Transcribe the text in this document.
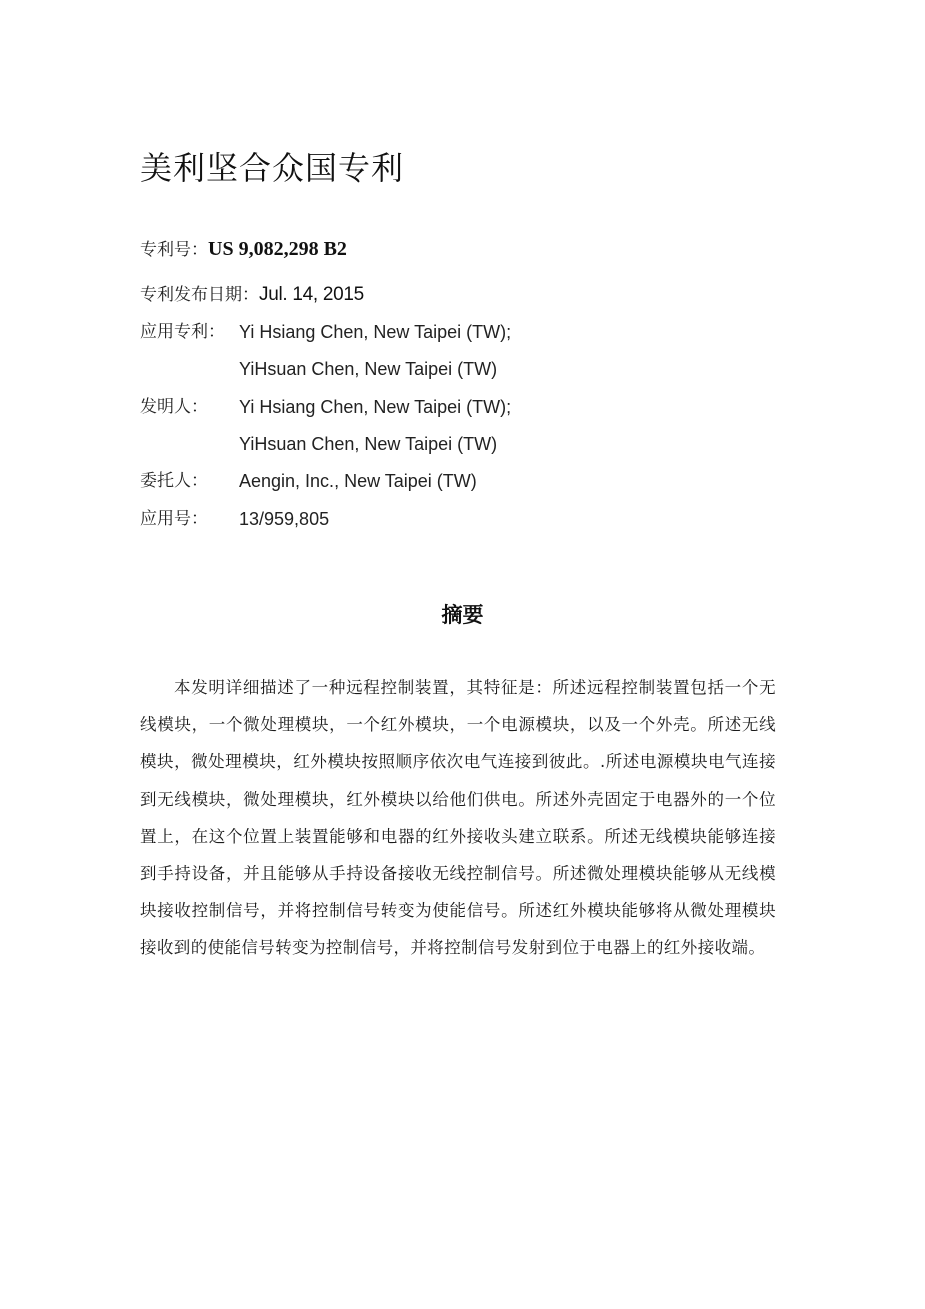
美利坚合众国专利
专利号：US 9,082,298 B2
专利发布日期：Jul. 14, 2015
应用专利： Yi Hsiang Chen, New Taipei (TW);
YiHsuan Chen, New Taipei (TW)
发明人： Yi Hsiang Chen, New Taipei (TW);
YiHsuan Chen, New Taipei (TW)
委托人： Aengin, Inc., New Taipei (TW)
应用号： 13/959,805
摘要
本发明详细描述了一种远程控制装置，其特征是：所述远程控制装置包括一个无线模块，一个微处理模块，一个红外模块，一个电源模块，以及一个外壳。所述无线模块，微处理模块，红外模块按照顺序依次电气连接到彼此。.所述电源模块电气连接到无线模块，微处理模块，红外模块以给他们供电。所述外壳固定于电器外的一个位置上，在这个位置上装置能够和电器的红外接收头建立联系。所述无线模块能够连接到手持设备，并且能够从手持设备接收无线控制信号。所述微处理模块能够从无线模块接收控制信号，并将控制信号转变为使能信号。所述红外模块能够将从微处理模块接收到的使能信号转变为控制信号，并将控制信号发射到位于电器上的红外接收端。
